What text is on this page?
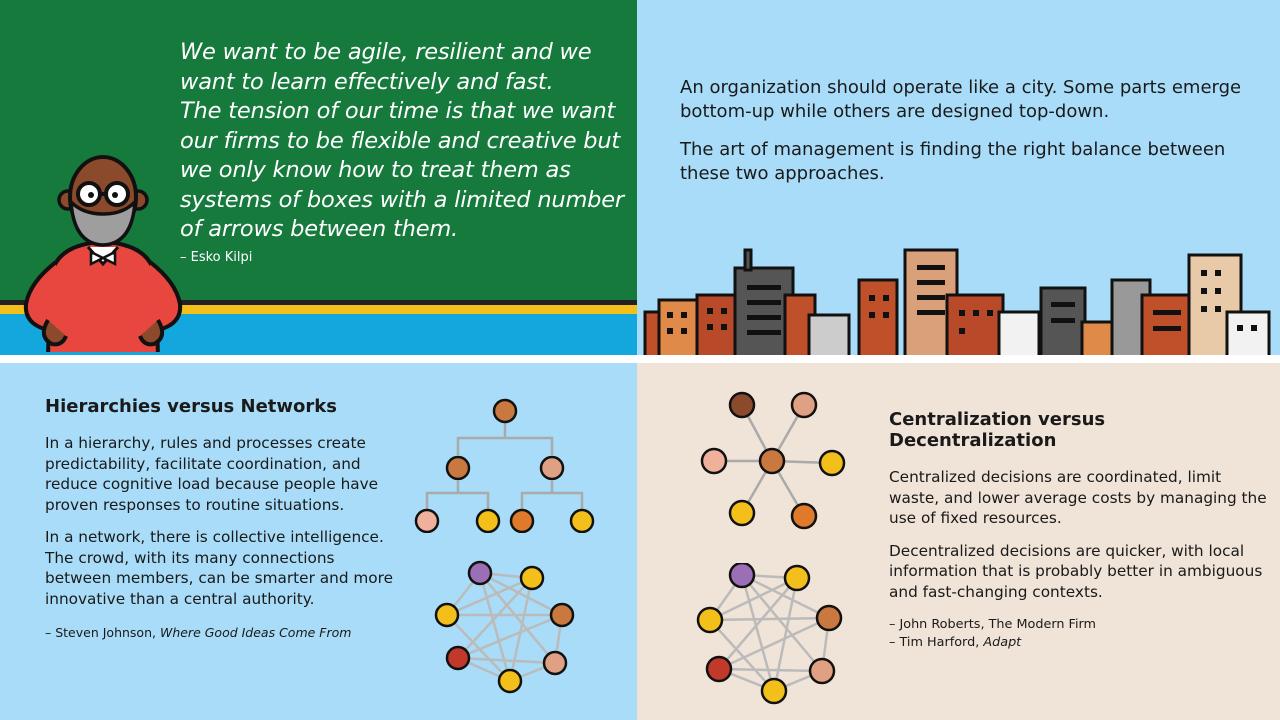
We want to be agile, resilient and we

want to learn effectively and fast.

The tension of our time is that we want

our firms to be flexible and creative but

we only know how to treat them as

systems of boxes with a limited number

of arrows between them.

– Esko Kilpi

An organization should operate like a city. Some parts emerge bottom-up while others are designed top-down.

The art of management is finding the right balance between these two approaches.

Hierarchies versus Networks

In a hierarchy, rules and processes create predictability, facilitate coordination, and reduce cognitive load because people have proven responses to routine situations.

In a network, there is collective intelligence. The crowd, with its many connections between members, can be smarter and more innovative than a central authority.

– Steven Johnson, Where Good Ideas Come From

Centralization versus Decentralization

Centralized decisions are coordinated, limit waste, and lower average costs by managing the use of fixed resources.

Decentralized decisions are quicker, with local information that is probably better in ambiguous and fast-changing contexts.

– John Roberts, The Modern Firm
– Tim Harford, Adapt
